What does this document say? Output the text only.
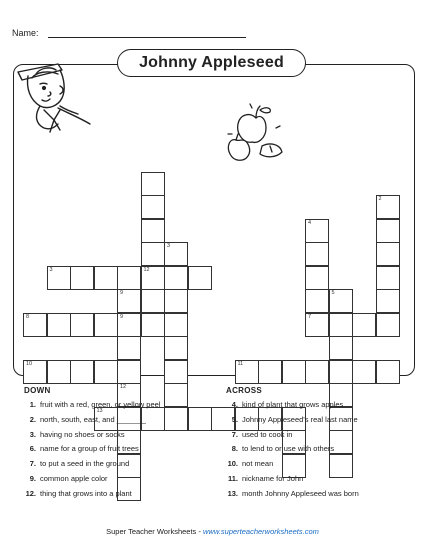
Name:
Johnny Appleseed
12
2
3
5
9
9
12
4
3
8	7
10	11
13
DOWN
1. fruit with a red, green, or yellow peel
2. north, south, east, and _______
3. having no shoes or socks
6. name for a group of fruit trees
7. to put a seed in the ground
9. common apple color
12. thing that grows into a plant
ACROSS
4. kind of plant that grows apples
5. Johnny Appleseed's real last name
7. used to cook in
8. to lend to or use with others
10. not mean
11. nickname for John
13. month Johnny Appleseed was born
Super Teacher Worksheets - www.superteacherworksheets.com
